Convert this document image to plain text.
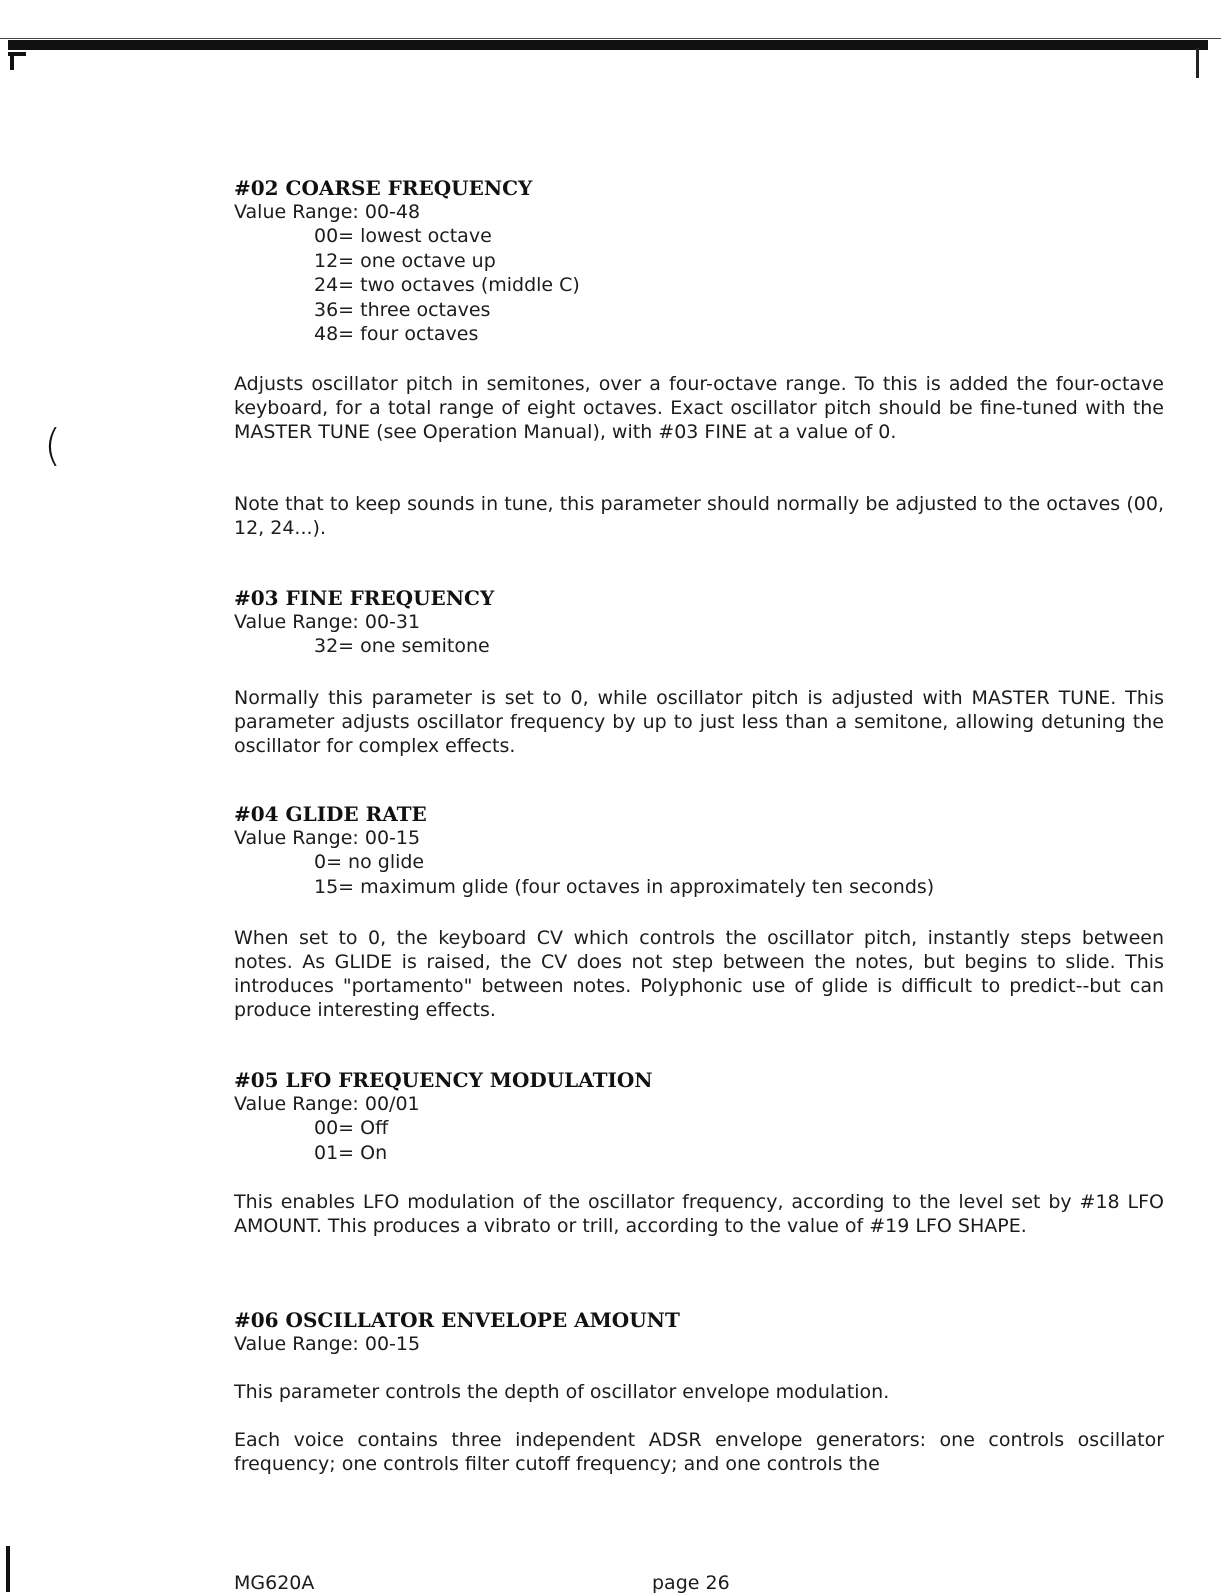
(
#02 COARSE FREQUENCY

Value Range: 00-48

00= lowest octave
12= one octave up
24= two octaves (middle C)
36= three octaves
48= four octaves

Adjusts oscillator pitch in semitones, over a four-octave range. To this is added the four-octave keyboard, for a total range of eight octaves. Exact oscillator pitch should be fine-tuned with the MASTER TUNE (see Operation Manual), with #03 FINE at a value of 0.

Note that to keep sounds in tune, this parameter should normally be adjusted to the octaves (00, 12, 24...).

#03 FINE FREQUENCY

Value Range: 00-31

32= one semitone

Normally this parameter is set to 0, while oscillator pitch is adjusted with MASTER TUNE. This parameter adjusts oscillator frequency by up to just less than a semitone, allowing detuning the oscillator for complex effects.

#04 GLIDE RATE

Value Range: 00-15

0= no glide
15= maximum glide (four octaves in approximately ten seconds)

When set to 0, the keyboard CV which controls the oscillator pitch, instantly steps between notes. As GLIDE is raised, the CV does not step between the notes, but begins to slide. This introduces "portamento" between notes. Polyphonic use of glide is difficult to predict--but can produce interesting effects.

#05 LFO FREQUENCY MODULATION

Value Range: 00/01

00= Off
01= On

This enables LFO modulation of the oscillator frequency, according to the level set by #18 LFO AMOUNT. This produces a vibrato or trill, according to the value of #19 LFO SHAPE.

#06 OSCILLATOR ENVELOPE AMOUNT

Value Range: 00-15

This parameter controls the depth of oscillator envelope modulation.

Each voice contains three independent ADSR envelope generators: one controls oscillator frequency; one controls filter cutoff frequency; and one controls the

MG620A	page 26
